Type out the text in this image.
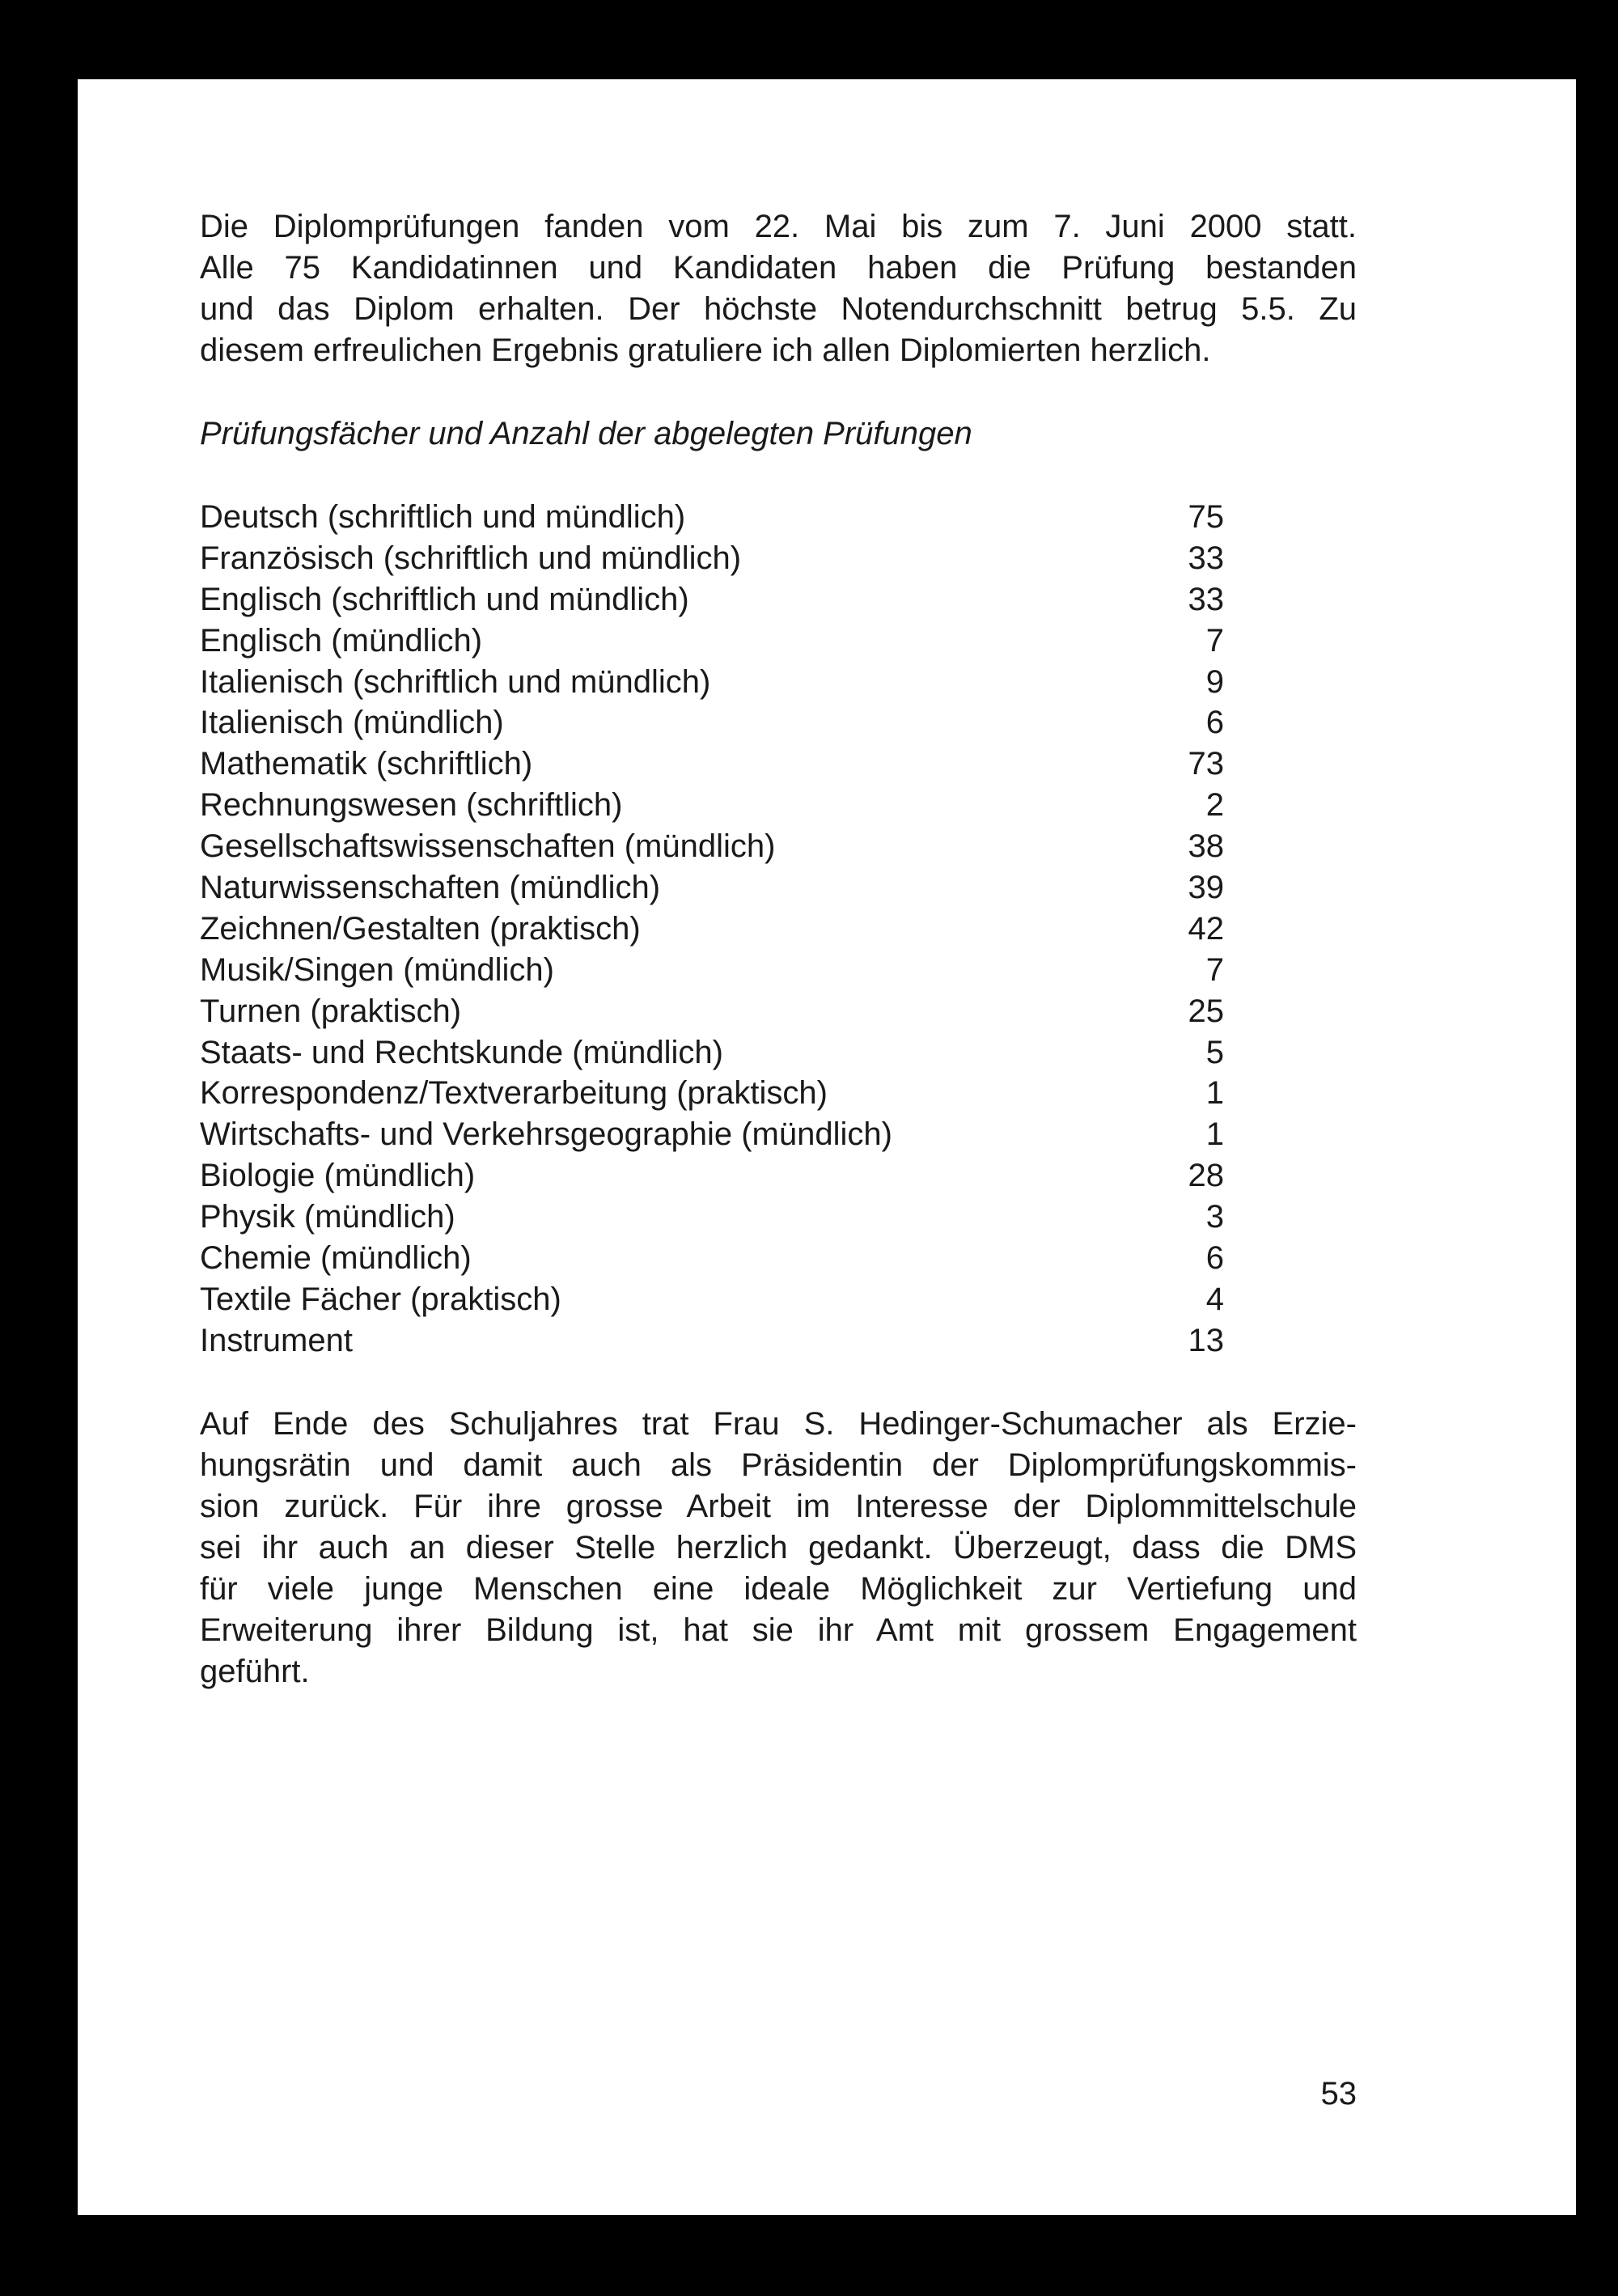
Die Diplomprüfungen fanden vom 22. Mai bis zum 7. Juni 2000 statt.
Alle 75 Kandidatinnen und Kandidaten haben die Prüfung bestanden
und das Diplom erhalten. Der höchste Notendurchschnitt betrug 5.5. Zu
diesem erfreulichen Ergebnis gratuliere ich allen Diplomierten herzlich.
Prüfungsfächer und Anzahl der abgelegten Prüfungen
Deutsch (schriftlich und mündlich)	75
Französisch (schriftlich und mündlich)	33
Englisch (schriftlich und mündlich)	33
Englisch (mündlich)	7
Italienisch (schriftlich und mündlich)	9
Italienisch (mündlich)	6
Mathematik (schriftlich)	73
Rechnungswesen (schriftlich)	2
Gesellschaftswissenschaften (mündlich)	38
Naturwissenschaften (mündlich)	39
Zeichnen/Gestalten (praktisch)	42
Musik/Singen (mündlich)	7
Turnen (praktisch)	25
Staats- und Rechtskunde (mündlich)	5
Korrespondenz/Textverarbeitung (praktisch)	1
Wirtschafts- und Verkehrsgeographie (mündlich)	1
Biologie (mündlich)	28
Physik (mündlich)	3
Chemie (mündlich)	6
Textile Fächer (praktisch)	4
Instrument	13
Auf Ende des Schuljahres trat Frau S. Hedinger-Schumacher als Erzie-
hungsrätin und damit auch als Präsidentin der Diplomprüfungskommis-
sion zurück. Für ihre grosse Arbeit im Interesse der Diplommittelschule
sei ihr auch an dieser Stelle herzlich gedankt. Überzeugt, dass die DMS
für viele junge Menschen eine ideale Möglichkeit zur Vertiefung und
Erweiterung ihrer Bildung ist, hat sie ihr Amt mit grossem Engagement
geführt.
53
